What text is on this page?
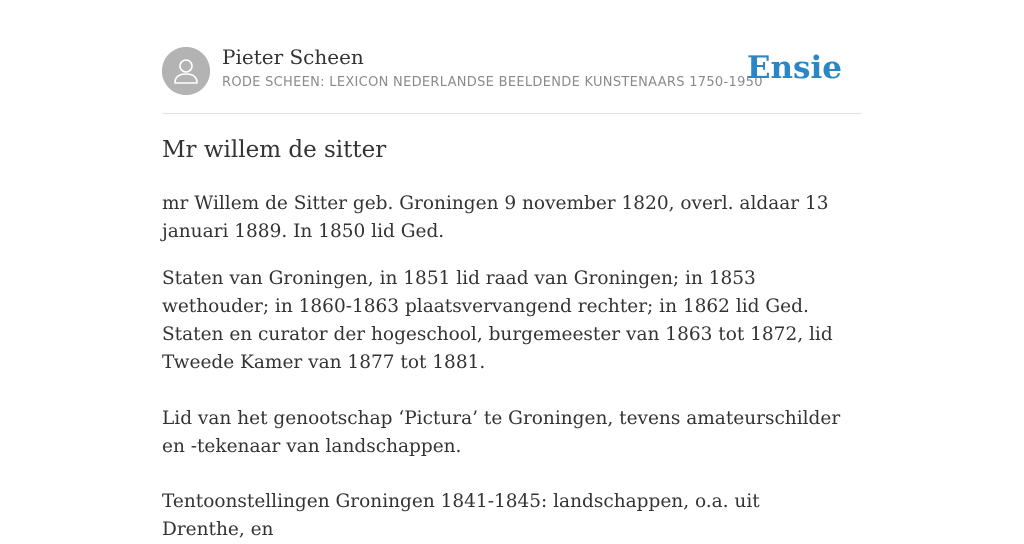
Pieter Scheen
RODE SCHEEN: LEXICON NEDERLANDSE BEELDENDE KUNSTENAARS 1750-1950
Ensie
Mr willem de sitter

mr Willem de Sitter geb. Groningen 9 november 1820, overl. aldaar 13 januari 1889. In 1850 lid Ged.

Staten van Groningen, in 1851 lid raad van Groningen; in 1853 wethouder; in 1860-1863 plaatsvervangend rechter; in 1862 lid Ged. Staten en curator der hogeschool, burgemeester van 1863 tot 1872, lid Tweede Kamer van 1877 tot 1881.

Lid van het genootschap ‘Pictura’ te Groningen, tevens amateurschilder en -tekenaar van landschappen.

Tentoonstellingen Groningen 1841-1845: landschappen, o.a. uit Drenthe, en
